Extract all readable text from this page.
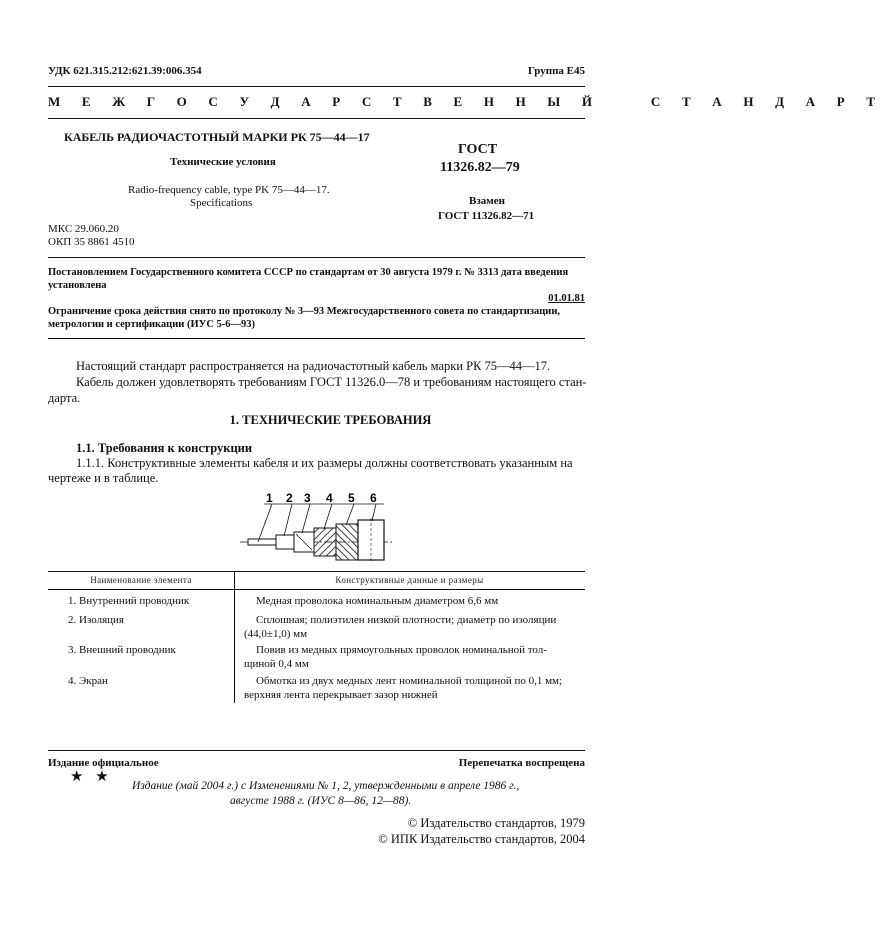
УДК 621.315.212:621.39:006.354	Группа Е45
М Е Ж Г О С У Д А Р С Т В Е Н Н Ы Й    С Т А Н Д А Р Т
КАБЕЛЬ РАДИОЧАСТОТНЫЙ МАРКИ РК 75—44—17
Технические условия
Radio-frequency cable, type PK 75—44—17.
Specifications
МКС 29.060.20
ОКП 35 8861 4510
ГОСТ
11326.82—79
Взамен
ГОСТ 11326.82—71
Постановлением Государственного комитета СССР по стандартам от 30 августа 1979 г. № 3313 дата введения
установлена
01.01.81
Ограничение срока действия снято по протоколу № 3—93 Межгосударственного совета по стандартизации,
метрологии и сертификации (ИУС 5-6—93)
Настоящий стандарт распространяется на радиочастотный кабель марки РК 75—44—17.
Кабель должен удовлетворять требованиям ГОСТ 11326.0—78 и требованиям настоящего стан-
дарта.
1. ТЕХНИЧЕСКИЕ ТРЕБОВАНИЯ
1.1. Требования к конструкции
1.1.1. Конструктивные элементы кабеля и их размеры должны соответствовать указанным на
чертеже и в таблице.
1 2 3 4 5 6
Наименование элемента	Конструктивные данные и размеры
1. Внутренний проводник	Медная проволока номинальным диаметром 6,6 мм
2. Изоляция	Сплошная; полиэтилен низкой плотности; диаметр по изоляции
(44,0±1,0) мм
3. Внешний проводник	Повив из медных прямоугольных проволок номинальной тол-
щиной 0,4 мм
4. Экран	Обмотка из двух медных лент номинальной толщиной по 0,1 мм;
верхняя лента перекрывает зазор нижней
Издание официальное	Перепечатка воспрещена
★ ★
Издание (май 2004 г.) с Изменениями № 1, 2, утвержденными в апреле 1986 г.,
августе 1988 г. (ИУС 8—86, 12—88).
© Издательство стандартов, 1979
© ИПК Издательство стандартов, 2004
